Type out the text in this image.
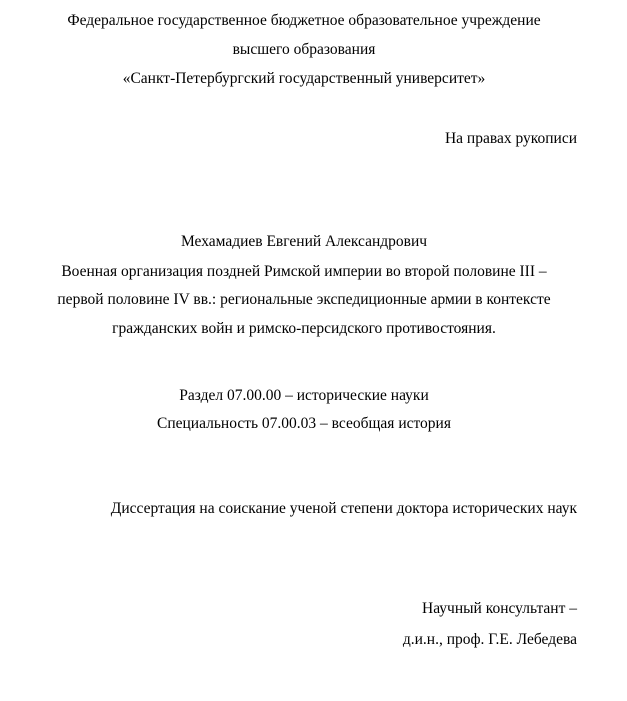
Федеральное государственное бюджетное образовательное учреждение

высшего образования

«Санкт-Петербургский государственный университет»

На правах рукописи

Мехамадиев Евгений Александрович

Военная организация поздней Римской империи во второй половине III –

первой половине IV вв.: региональные экспедиционные армии в контексте

гражданских войн и римско-персидского противостояния.

Раздел 07.00.00 – исторические науки

Специальность 07.00.03 – всеобщая история

Диссертация на соискание ученой степени доктора исторических наук

Научный консультант –

д.и.н., проф. Г.Е. Лебедева
